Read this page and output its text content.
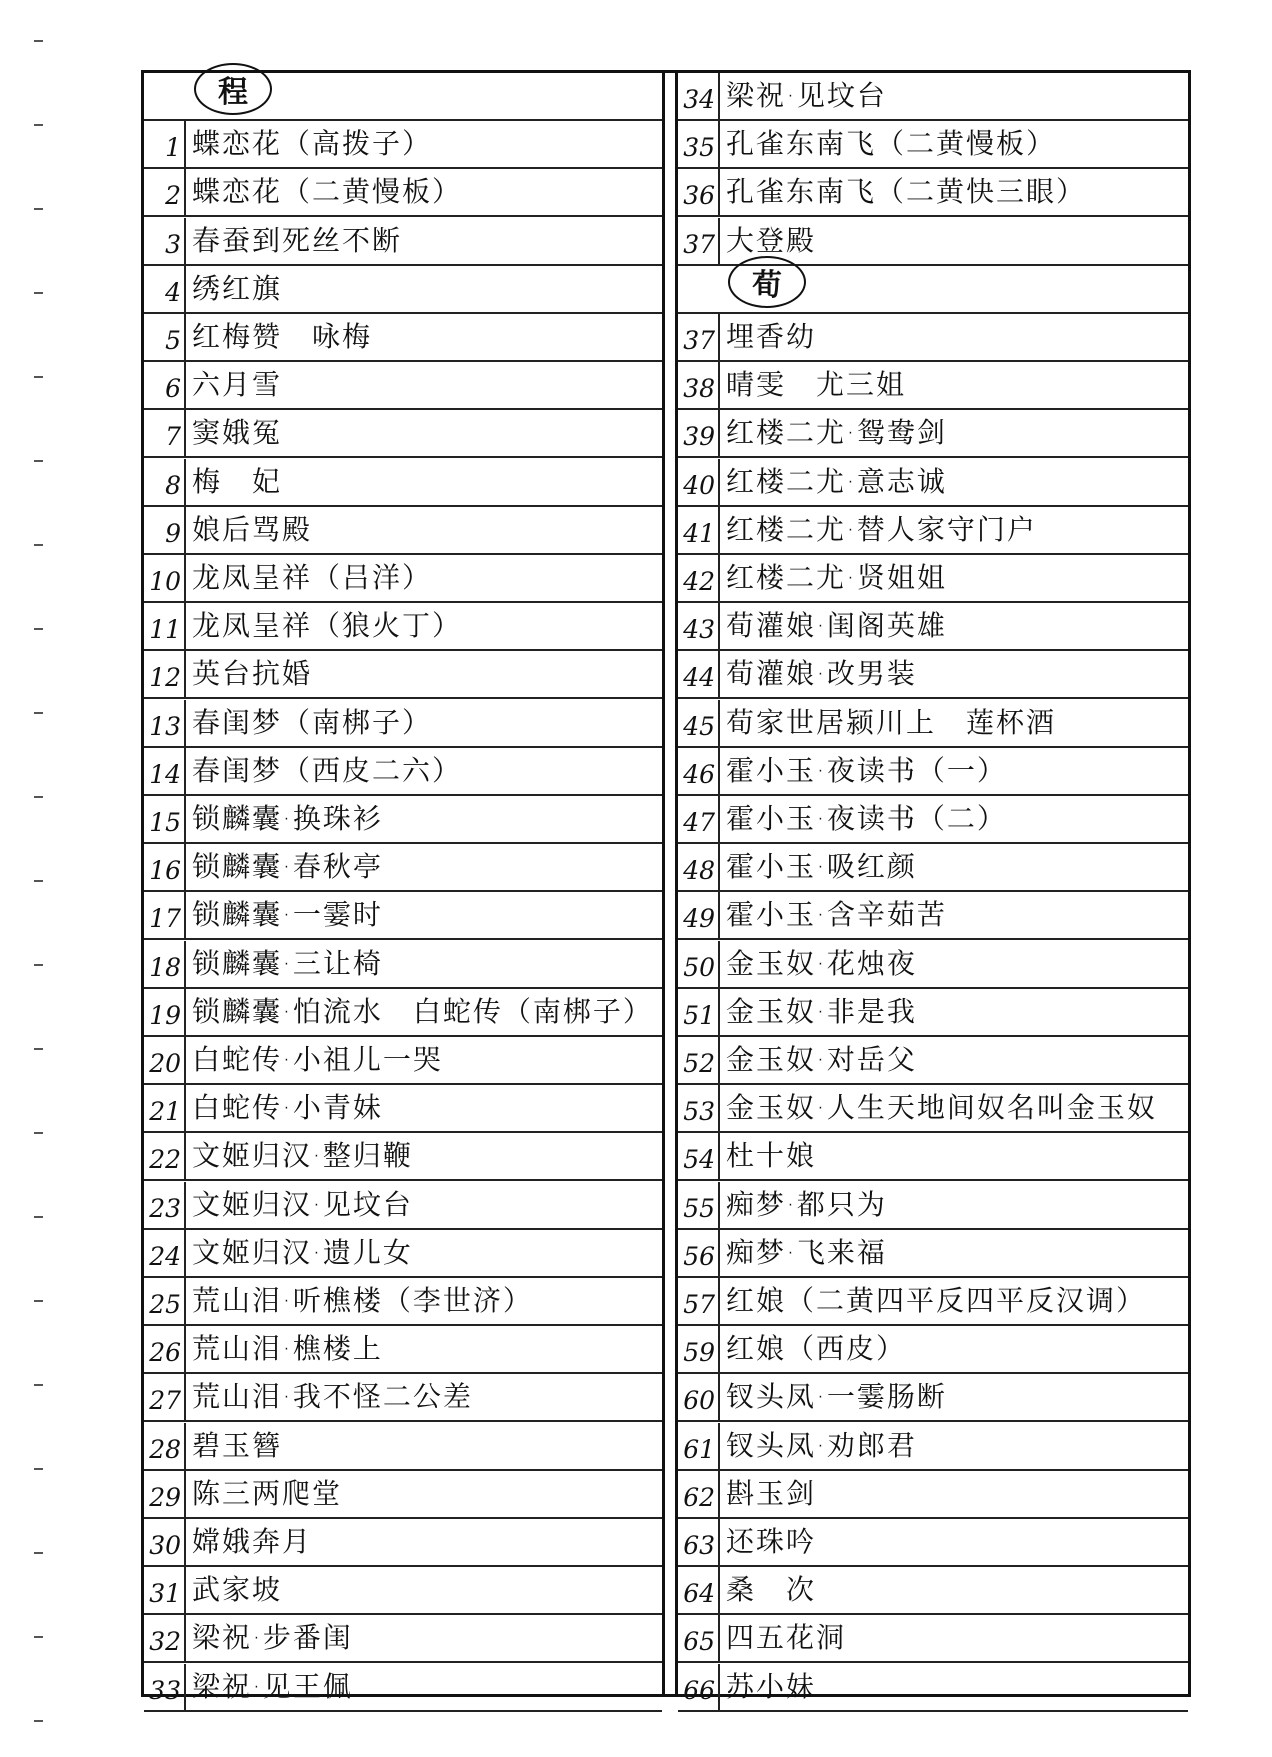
程
1 蝶恋花（高拨子）
2 蝶恋花（二黄慢板）
3 春蚕到死丝不断
4 绣红旗
5 红梅赞　咏梅
6 六月雪
7 窦娥冤
8 梅　妃
9 娘后骂殿
10 龙凤呈祥（吕洋）
11 龙凤呈祥（狼火丁）
12 英台抗婚
13 春闺梦（南梆子）
14 春闺梦（西皮二六）
15 锁麟囊·换珠衫
16 锁麟囊·春秋亭
17 锁麟囊·一霎时
18 锁麟囊·三让椅
19 锁麟囊·怕流水　白蛇传（南梆子）
20 白蛇传·小祖儿一哭
21 白蛇传·小青妹
22 文姬归汉·整归鞭
23 文姬归汉·见坟台
24 文姬归汉·遗儿女
25 荒山泪·听樵楼（李世济）
26 荒山泪·樵楼上
27 荒山泪·我不怪二公差
28 碧玉簪
29 陈三两爬堂
30 嫦娥奔月
31 武家坡
32 梁祝·步番闺
33 梁祝·见王佩
34 梁祝·见坟台
35 孔雀东南飞（二黄慢板）
36 孔雀东南飞（二黄快三眼）
37 大登殿
荀
37 埋香幼
38 晴雯　尤三姐
39 红楼二尤·鸳鸯剑
40 红楼二尤·意志诚
41 红楼二尤·替人家守门户
42 红楼二尤·贤姐姐
43 荀灌娘·闺阁英雄
44 荀灌娘·改男装
45 荀家世居颍川上　莲杯酒
46 霍小玉·夜读书（一）
47 霍小玉·夜读书（二）
48 霍小玉·吸红颜
49 霍小玉·含辛茹苦
50 金玉奴·花烛夜
51 金玉奴·非是我
52 金玉奴·对岳父
53 金玉奴·人生天地间奴名叫金玉奴
54 杜十娘
55 痴梦·都只为
56 痴梦·飞来福
57 红娘（二黄四平反四平反汉调）
59 红娘（西皮）
60 钗头凤·一霎肠断
61 钗头凤·劝郎君
62 斟玉剑
63 还珠吟
64 桑　次
65 四五花洞
66 苏小妹
